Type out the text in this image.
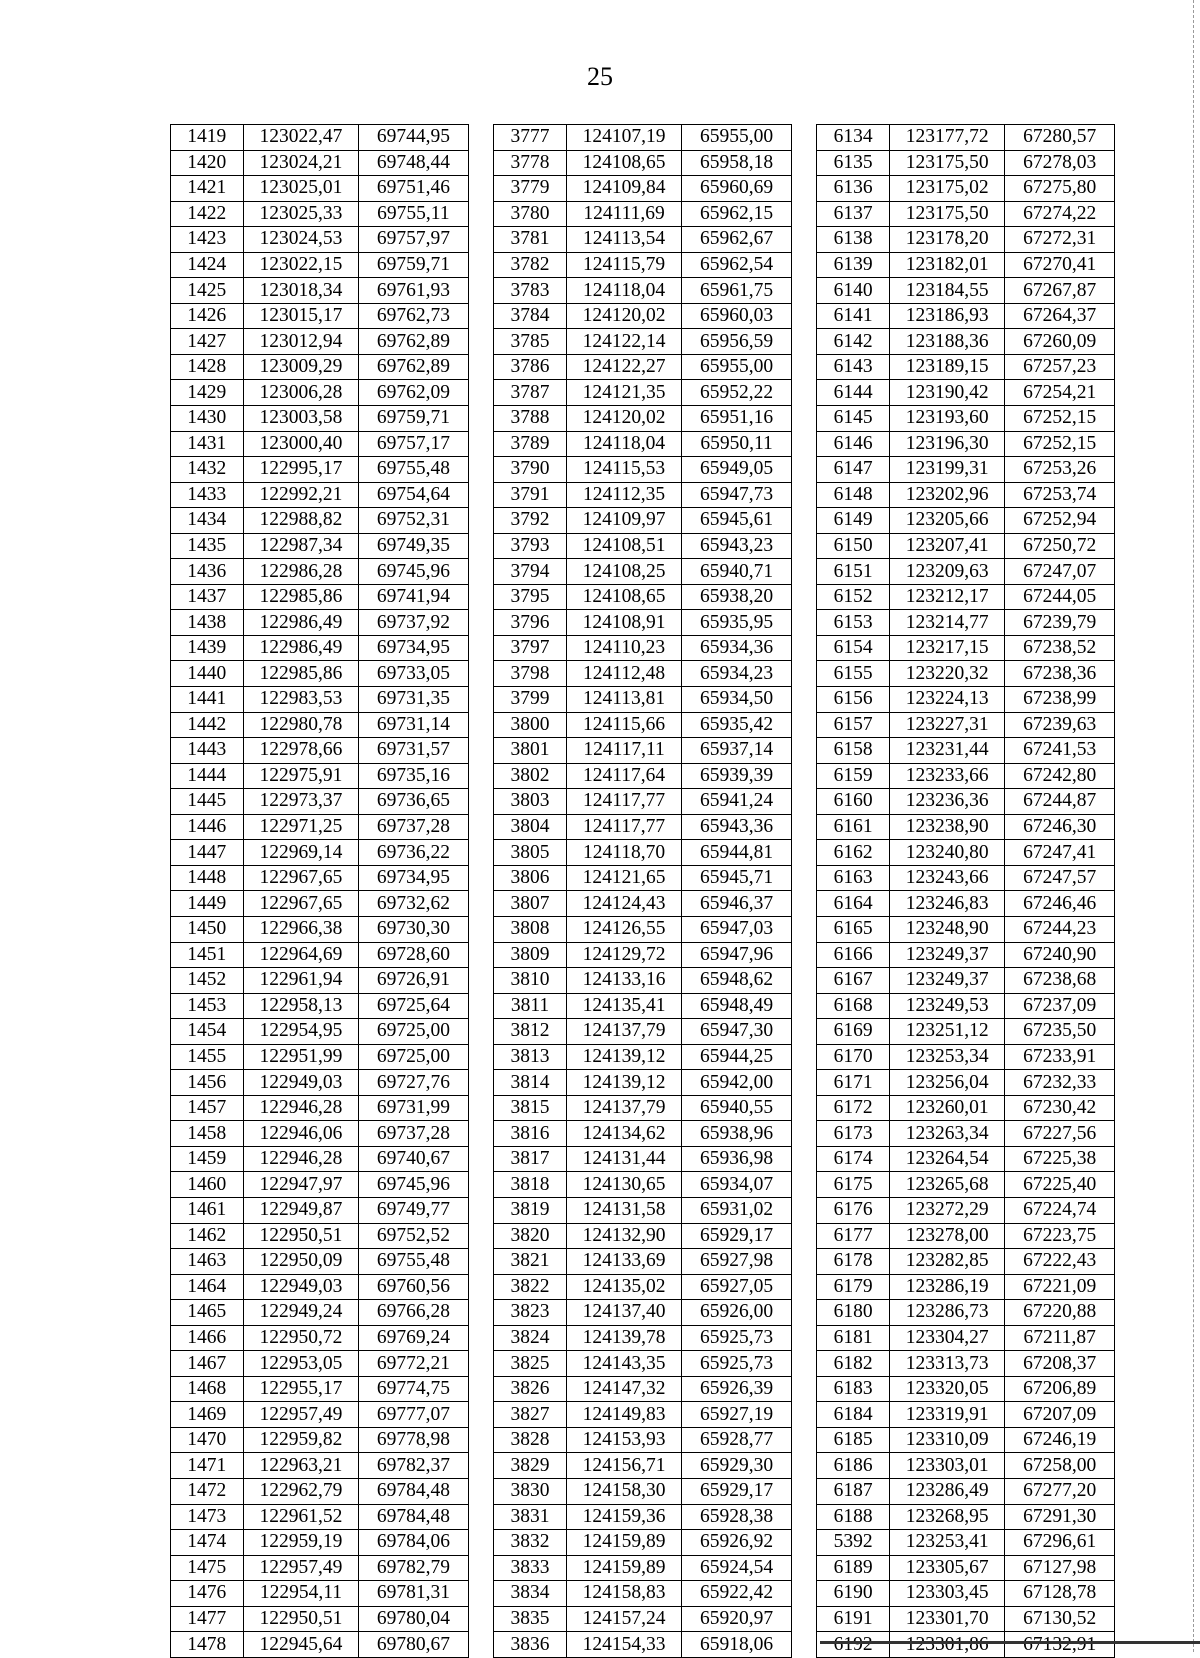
25
1419	123022,47	69744,95		3777	124107,19	65955,00		6134	123177,72	67280,57
1420	123024,21	69748,44		3778	124108,65	65958,18		6135	123175,50	67278,03
1421	123025,01	69751,46		3779	124109,84	65960,69		6136	123175,02	67275,80
1422	123025,33	69755,11		3780	124111,69	65962,15		6137	123175,50	67274,22
1423	123024,53	69757,97		3781	124113,54	65962,67		6138	123178,20	67272,31
1424	123022,15	69759,71		3782	124115,79	65962,54		6139	123182,01	67270,41
1425	123018,34	69761,93		3783	124118,04	65961,75		6140	123184,55	67267,87
1426	123015,17	69762,73		3784	124120,02	65960,03		6141	123186,93	67264,37
1427	123012,94	69762,89		3785	124122,14	65956,59		6142	123188,36	67260,09
1428	123009,29	69762,89		3786	124122,27	65955,00		6143	123189,15	67257,23
1429	123006,28	69762,09		3787	124121,35	65952,22		6144	123190,42	67254,21
1430	123003,58	69759,71		3788	124120,02	65951,16		6145	123193,60	67252,15
1431	123000,40	69757,17		3789	124118,04	65950,11		6146	123196,30	67252,15
1432	122995,17	69755,48		3790	124115,53	65949,05		6147	123199,31	67253,26
1433	122992,21	69754,64		3791	124112,35	65947,73		6148	123202,96	67253,74
1434	122988,82	69752,31		3792	124109,97	65945,61		6149	123205,66	67252,94
1435	122987,34	69749,35		3793	124108,51	65943,23		6150	123207,41	67250,72
1436	122986,28	69745,96		3794	124108,25	65940,71		6151	123209,63	67247,07
1437	122985,86	69741,94		3795	124108,65	65938,20		6152	123212,17	67244,05
1438	122986,49	69737,92		3796	124108,91	65935,95		6153	123214,77	67239,79
1439	122986,49	69734,95		3797	124110,23	65934,36		6154	123217,15	67238,52
1440	122985,86	69733,05		3798	124112,48	65934,23		6155	123220,32	67238,36
1441	122983,53	69731,35		3799	124113,81	65934,50		6156	123224,13	67238,99
1442	122980,78	69731,14		3800	124115,66	65935,42		6157	123227,31	67239,63
1443	122978,66	69731,57		3801	124117,11	65937,14		6158	123231,44	67241,53
1444	122975,91	69735,16		3802	124117,64	65939,39		6159	123233,66	67242,80
1445	122973,37	69736,65		3803	124117,77	65941,24		6160	123236,36	67244,87
1446	122971,25	69737,28		3804	124117,77	65943,36		6161	123238,90	67246,30
1447	122969,14	69736,22		3805	124118,70	65944,81		6162	123240,80	67247,41
1448	122967,65	69734,95		3806	124121,65	65945,71		6163	123243,66	67247,57
1449	122967,65	69732,62		3807	124124,43	65946,37		6164	123246,83	67246,46
1450	122966,38	69730,30		3808	124126,55	65947,03		6165	123248,90	67244,23
1451	122964,69	69728,60		3809	124129,72	65947,96		6166	123249,37	67240,90
1452	122961,94	69726,91		3810	124133,16	65948,62		6167	123249,37	67238,68
1453	122958,13	69725,64		3811	124135,41	65948,49		6168	123249,53	67237,09
1454	122954,95	69725,00		3812	124137,79	65947,30		6169	123251,12	67235,50
1455	122951,99	69725,00		3813	124139,12	65944,25		6170	123253,34	67233,91
1456	122949,03	69727,76		3814	124139,12	65942,00		6171	123256,04	67232,33
1457	122946,28	69731,99		3815	124137,79	65940,55		6172	123260,01	67230,42
1458	122946,06	69737,28		3816	124134,62	65938,96		6173	123263,34	67227,56
1459	122946,28	69740,67		3817	124131,44	65936,98		6174	123264,54	67225,38
1460	122947,97	69745,96		3818	124130,65	65934,07		6175	123265,68	67225,40
1461	122949,87	69749,77		3819	124131,58	65931,02		6176	123272,29	67224,74
1462	122950,51	69752,52		3820	124132,90	65929,17		6177	123278,00	67223,75
1463	122950,09	69755,48		3821	124133,69	65927,98		6178	123282,85	67222,43
1464	122949,03	69760,56		3822	124135,02	65927,05		6179	123286,19	67221,09
1465	122949,24	69766,28		3823	124137,40	65926,00		6180	123286,73	67220,88
1466	122950,72	69769,24		3824	124139,78	65925,73		6181	123304,27	67211,87
1467	122953,05	69772,21		3825	124143,35	65925,73		6182	123313,73	67208,37
1468	122955,17	69774,75		3826	124147,32	65926,39		6183	123320,05	67206,89
1469	122957,49	69777,07		3827	124149,83	65927,19		6184	123319,91	67207,09
1470	122959,82	69778,98		3828	124153,93	65928,77		6185	123310,09	67246,19
1471	122963,21	69782,37		3829	124156,71	65929,30		6186	123303,01	67258,00
1472	122962,79	69784,48		3830	124158,30	65929,17		6187	123286,49	67277,20
1473	122961,52	69784,48		3831	124159,36	65928,38		6188	123268,95	67291,30
1474	122959,19	69784,06		3832	124159,89	65926,92		5392	123253,41	67296,61
1475	122957,49	69782,79		3833	124159,89	65924,54		6189	123305,67	67127,98
1476	122954,11	69781,31		3834	124158,83	65922,42		6190	123303,45	67128,78
1477	122950,51	69780,04		3835	124157,24	65920,97		6191	123301,70	67130,52
1478	122945,64	69780,67		3836	124154,33	65918,06		6192	123301,86	67132,91
